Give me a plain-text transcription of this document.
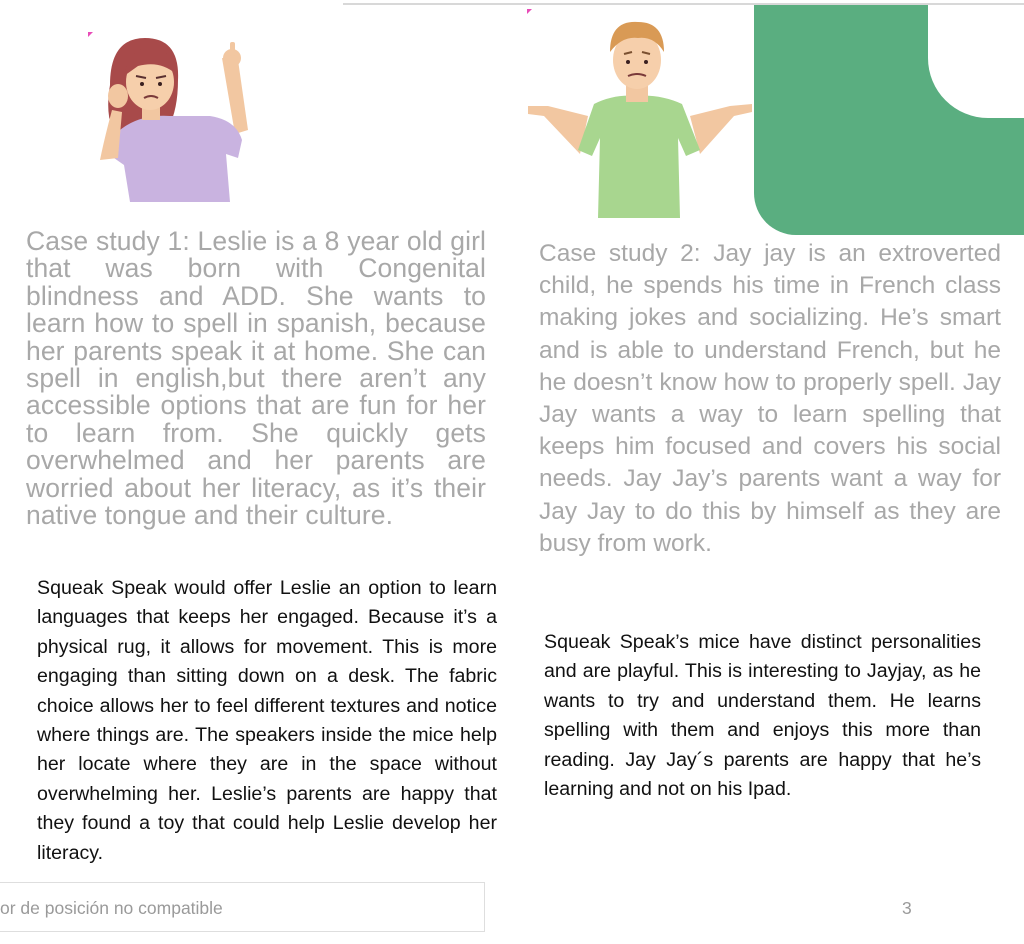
Case study 1: Leslie is a 8 year old girl that was born with Congenital blindness and ADD. She wants to learn how to spell in spanish, because her parents speak it at home. She can spell in english,but there aren’t any accessible options that are fun for her to learn from. She quickly gets overwhelmed and her parents are worried about her literacy, as it’s their native tongue and their culture.

Case study 2: Jay jay is an extroverted child, he spends his time in French class making jokes and socializing. He’s smart and is able to understand French, but he he doesn’t know how to properly spell. Jay Jay wants a way to learn spelling that keeps him focused and covers his social needs. Jay Jay’s parents want a way for Jay Jay to do this by himself as they are busy from work.

Squeak Speak would offer Leslie an option to learn languages that keeps her engaged. Because it’s a physical rug, it allows for movement. This is more engaging than sitting down on a desk. The fabric choice allows her to feel different textures and notice where things are. The speakers inside the mice help her locate where they are in the space without overwhelming her. Leslie’s parents are happy that they found a toy that could help Leslie develop her literacy.

Squeak Speak’s mice have distinct personalities and are playful. This is interesting to Jayjay, as he wants to try and understand them. He learns spelling with them and enjoys this more than reading. Jay Jay´s parents are happy that he’s learning and not on his Ipad.

or de posición no compatible	3
